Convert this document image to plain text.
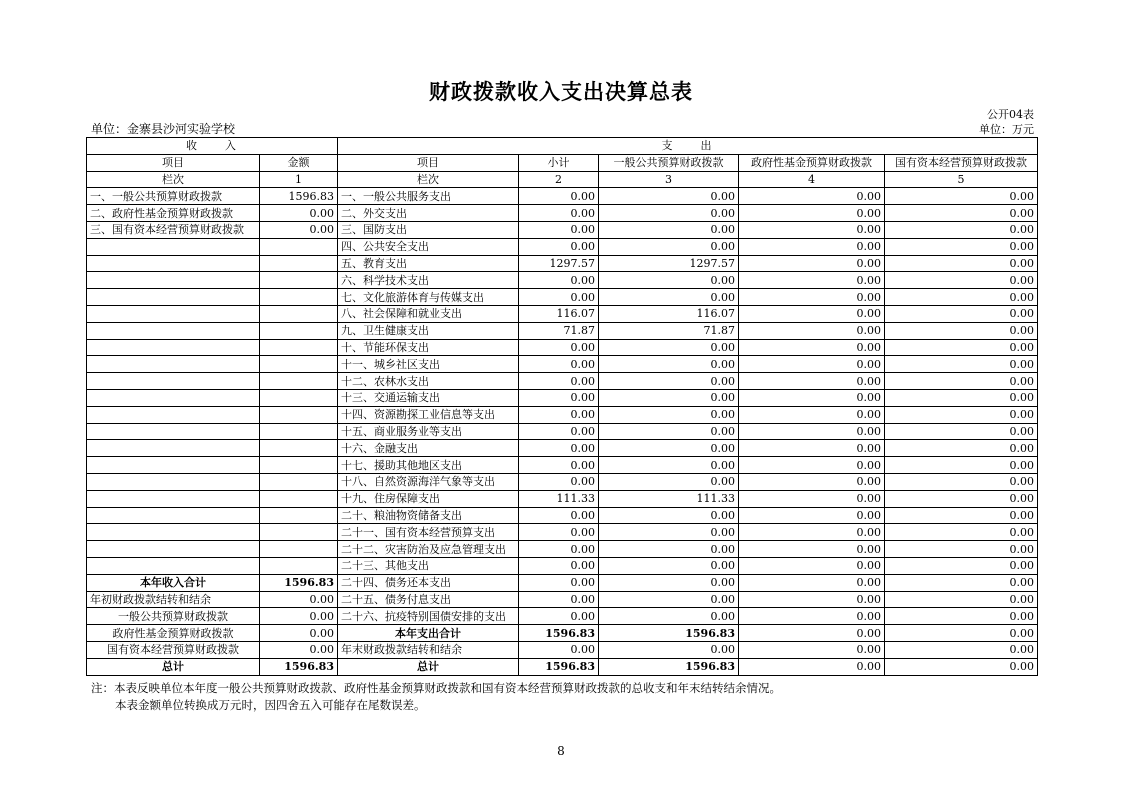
财政拨款收入支出决算总表
公开04表
单位：金寨县沙河实验学校	单位：万元
收　　入		支　　出				
项目	金额	项目	小计	一般公共预算财政拨款	政府性基金预算财政拨款	国有资本经营预算财政拨款
栏次	1	栏次	2	3	4	5
一、一般公共预算财政拨款	1596.83	一、一般公共服务支出	0.00	0.00	0.00	0.00
二、政府性基金预算财政拨款	0.00	二、外交支出	0.00	0.00	0.00	0.00
三、国有资本经营预算财政拨款	0.00	三、国防支出	0.00	0.00	0.00	0.00
		四、公共安全支出	0.00	0.00	0.00	0.00
		五、教育支出	1297.57	1297.57	0.00	0.00
		六、科学技术支出	0.00	0.00	0.00	0.00
		七、文化旅游体育与传媒支出	0.00	0.00	0.00	0.00
		八、社会保障和就业支出	116.07	116.07	0.00	0.00
		九、卫生健康支出	71.87	71.87	0.00	0.00
		十、节能环保支出	0.00	0.00	0.00	0.00
		十一、城乡社区支出	0.00	0.00	0.00	0.00
		十二、农林水支出	0.00	0.00	0.00	0.00
		十三、交通运输支出	0.00	0.00	0.00	0.00
		十四、资源勘探工业信息等支出	0.00	0.00	0.00	0.00
		十五、商业服务业等支出	0.00	0.00	0.00	0.00
		十六、金融支出	0.00	0.00	0.00	0.00
		十七、援助其他地区支出	0.00	0.00	0.00	0.00
		十八、自然资源海洋气象等支出	0.00	0.00	0.00	0.00
		十九、住房保障支出	111.33	111.33	0.00	0.00
		二十、粮油物资储备支出	0.00	0.00	0.00	0.00
		二十一、国有资本经营预算支出	0.00	0.00	0.00	0.00
		二十二、灾害防治及应急管理支出	0.00	0.00	0.00	0.00
		二十三、其他支出	0.00	0.00	0.00	0.00
本年收入合计	1596.83	二十四、债务还本支出	0.00	0.00	0.00	0.00
年初财政拨款结转和结余	0.00	二十五、债务付息支出	0.00	0.00	0.00	0.00
一般公共预算财政拨款	0.00	二十六、抗疫特别国债安排的支出	0.00	0.00	0.00	0.00
政府性基金预算财政拨款	0.00	本年支出合计	1596.83	1596.83	0.00	0.00
国有资本经营预算财政拨款	0.00	年末财政拨款结转和结余	0.00	0.00	0.00	0.00
总计	1596.83	总计	1596.83	1596.83	0.00	0.00
注：本表反映单位本年度一般公共预算财政拨款、政府性基金预算财政拨款和国有资本经营预算财政拨款的总收支和年末结转结余情况。
本表金额单位转换成万元时，因四舍五入可能存在尾数误差。
8
